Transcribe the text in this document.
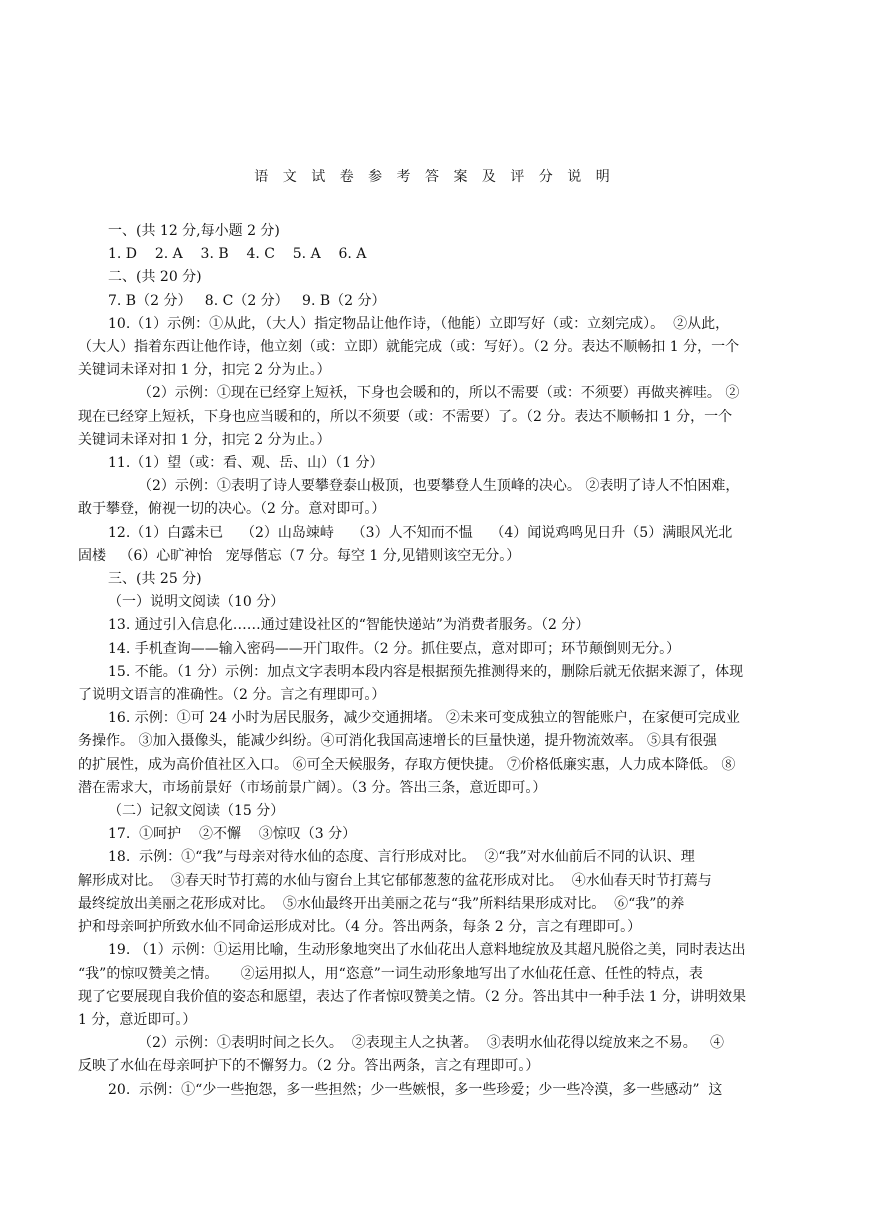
语 文 试 卷 参 考 答 案 及 评 分 说 明
一、(共 12 分,每小题 2 分)
1. D    2. A    3. B    4. C    5. A    6. A
二、(共 20 分)
7. B（2 分）   8. C（2 分）   9. B（2 分）
10.（1）示例：①从此，（大人）指定物品让他作诗，（他能）立即写好（或：立刻完成）。  ②从此，
（大人）指着东西让他作诗，他立刻（或：立即）就能完成（或：写好）。（2 分。表达不顺畅扣 1 分，一个
关键词未译对扣 1 分，扣完 2 分为止。）
（2）示例：①现在已经穿上短袄，下身也会暖和的，所以不需要（或：不须要）再做夹裤哇。 ②
现在已经穿上短袄，下身也应当暖和的，所以不须要（或：不需要）了。（2 分。表达不顺畅扣 1 分，一个
关键词未译对扣 1 分，扣完 2 分为止。）
11.（1）望（或：看、观、岳、山）（1 分）
（2）示例：①表明了诗人要攀登泰山极顶，也要攀登人生顶峰的决心。 ②表明了诗人不怕困难，
敢于攀登，俯视一切的决心。（2 分。意对即可。）
12.（1）白露未已    （2）山岛竦峙    （3）人不知而不愠    （4）闻说鸡鸣见日升（5）满眼风光北
固楼   （6）心旷神怡   宠辱偕忘（7 分。每空 1 分,见错则该空无分。）
三、(共 25 分)
（一）说明文阅读（10 分）
13. 通过引入信息化……通过建设社区的“智能快递站”为消费者服务。（2 分）
14. 手机查询——输入密码——开门取件。（2 分。抓住要点，意对即可；环节颠倒则无分。）
15. 不能。（1 分）示例：加点文字表明本段内容是根据预先推测得来的，删除后就无依据来源了，体现
了说明文语言的准确性。（2 分。言之有理即可。）
16. 示例：①可 24 小时为居民服务，减少交通拥堵。 ②未来可变成独立的智能账户，在家便可完成业
务操作。 ③加入摄像头，能减少纠纷。④可消化我国高速增长的巨量快递，提升物流效率。 ⑤具有很强
的扩展性，成为高价值社区入口。 ⑥可全天候服务，存取方便快捷。 ⑦价格低廉实惠，人力成本降低。 ⑧
潜在需求大，市场前景好（市场前景广阔）。（3 分。答出三条，意近即可。）
（二）记叙文阅读（15 分）
17.  ①呵护    ②不懈    ③惊叹（3 分）
18.  示例：①“我”与母亲对待水仙的态度、言行形成对比。  ②“我”对水仙前后不同的认识、理
解形成对比。  ③春天时节打蔫的水仙与窗台上其它郁郁葱葱的盆花形成对比。  ④水仙春天时节打蔫与
最终绽放出美丽之花形成对比。  ⑤水仙最终开出美丽之花与“我”所料结果形成对比。  ⑥“我”的养
护和母亲呵护所致水仙不同命运形成对比。（4 分。答出两条，每条 2 分，言之有理即可。）
19. （1）示例：①运用比喻，生动形象地突出了水仙花出人意料地绽放及其超凡脱俗之美，同时表达出
“我”的惊叹赞美之情。     ②运用拟人，用“恣意”一词生动形象地写出了水仙花任意、任性的特点，表
现了它要展现自我价值的姿态和愿望，表达了作者惊叹赞美之情。（2 分。答出其中一种手法 1 分，讲明效果
1 分，意近即可。）
（2）示例：①表明时间之长久。  ②表现主人之执著。  ③表明水仙花得以绽放来之不易。   ④
反映了水仙在母亲呵护下的不懈努力。（2 分。答出两条，言之有理即可。）
20.  示例：①“少一些抱怨，多一些担然；少一些嫉恨，多一些珍爱；少一些冷漠，多一些感动”  这
